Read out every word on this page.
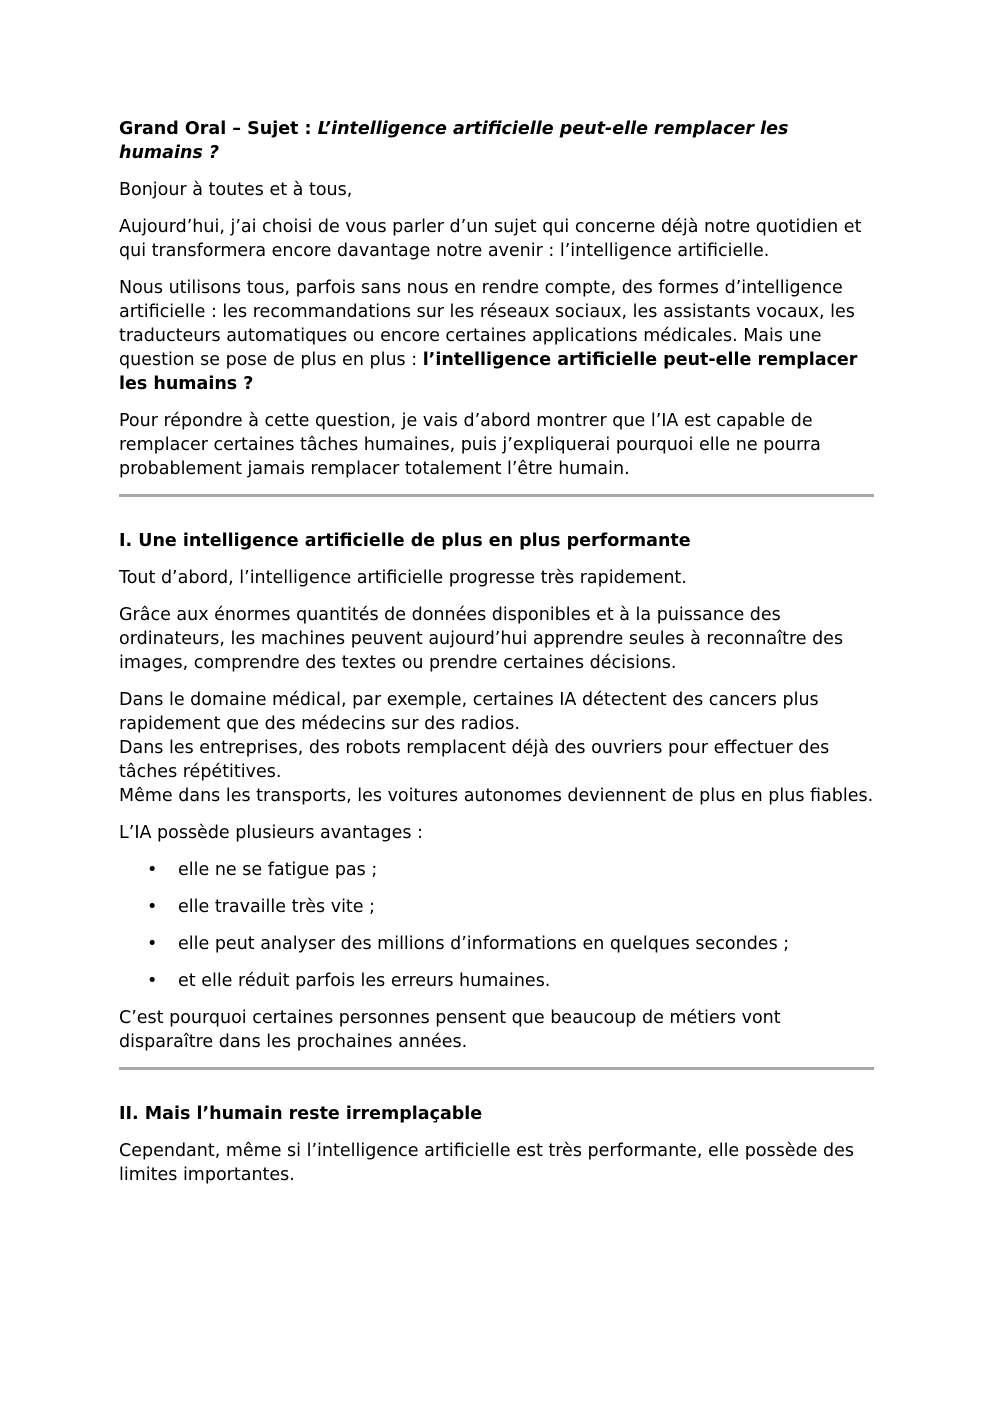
Grand Oral – Sujet : L’intelligence artificielle peut-elle remplacer les humains ?

Bonjour à toutes et à tous,

Aujourd’hui, j’ai choisi de vous parler d’un sujet qui concerne déjà notre quotidien et qui transformera encore davantage notre avenir : l’intelligence artificielle.

Nous utilisons tous, parfois sans nous en rendre compte, des formes d’intelligence artificielle : les recommandations sur les réseaux sociaux, les assistants vocaux, les traducteurs automatiques ou encore certaines applications médicales. Mais une question se pose de plus en plus : l’intelligence artificielle peut-elle remplacer les humains ?

Pour répondre à cette question, je vais d’abord montrer que l’IA est capable de remplacer certaines tâches humaines, puis j’expliquerai pourquoi elle ne pourra probablement jamais remplacer totalement l’être humain.

I. Une intelligence artificielle de plus en plus performante

Tout d’abord, l’intelligence artificielle progresse très rapidement.

Grâce aux énormes quantités de données disponibles et à la puissance des ordinateurs, les machines peuvent aujourd’hui apprendre seules à reconnaître des images, comprendre des textes ou prendre certaines décisions.

Dans le domaine médical, par exemple, certaines IA détectent des cancers plus rapidement que des médecins sur des radios.
Dans les entreprises, des robots remplacent déjà des ouvriers pour effectuer des tâches répétitives.
Même dans les transports, les voitures autonomes deviennent de plus en plus fiables.

L’IA possède plusieurs avantages :

• elle ne se fatigue pas ;
• elle travaille très vite ;
• elle peut analyser des millions d’informations en quelques secondes ;
• et elle réduit parfois les erreurs humaines.

C’est pourquoi certaines personnes pensent que beaucoup de métiers vont disparaître dans les prochaines années.

II. Mais l’humain reste irremplaçable

Cependant, même si l’intelligence artificielle est très performante, elle possède des limites importantes.
